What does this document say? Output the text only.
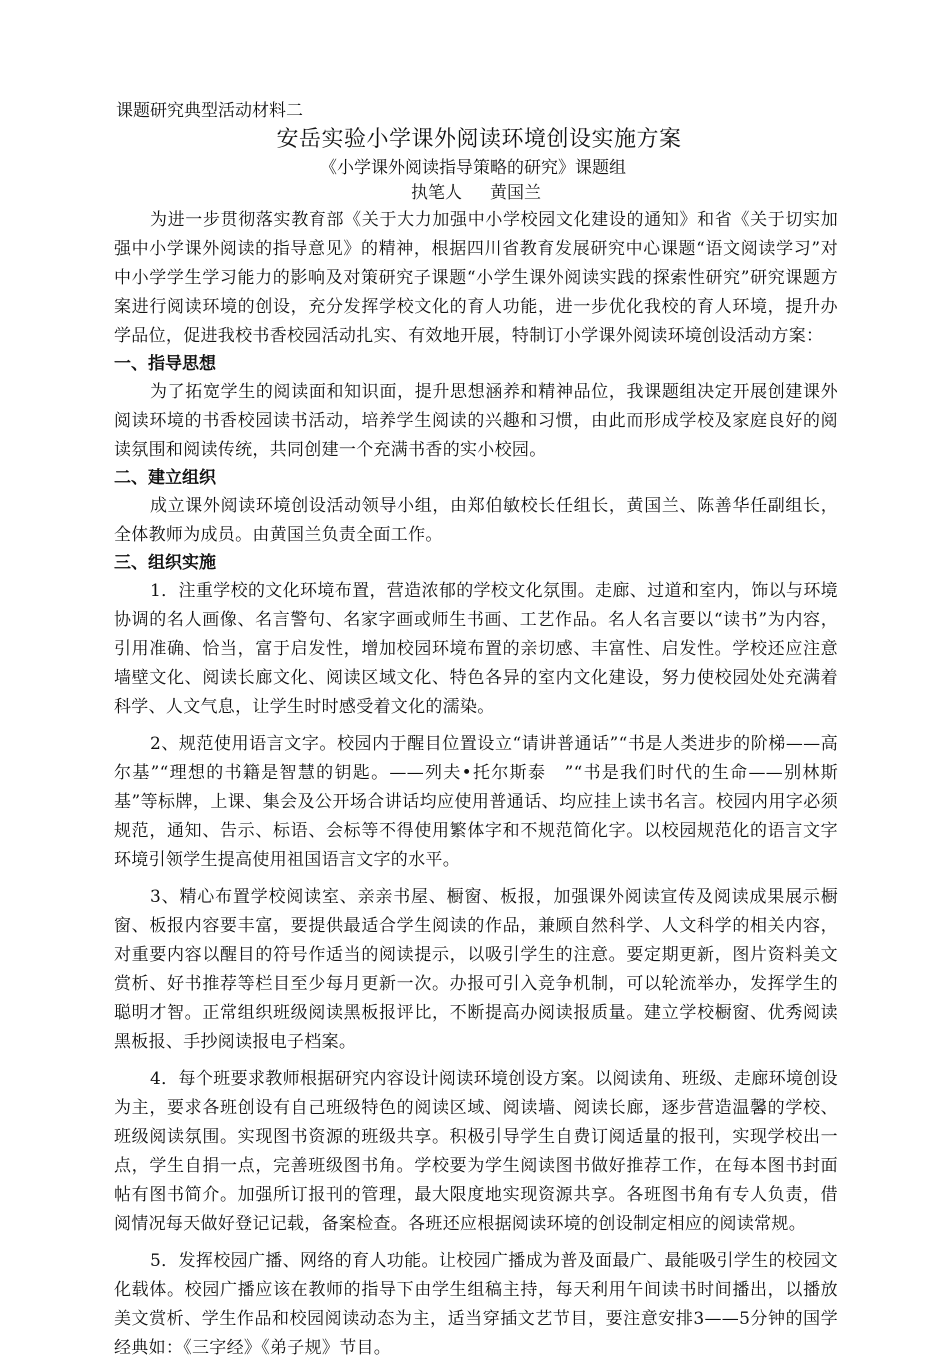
课题研究典型活动材料二
安岳实验小学课外阅读环境创设实施方案
《小学课外阅读指导策略的研究》课题组
执笔人 黄国兰

为进一步贯彻落实教育部《关于大力加强中小学校园文化建设的通知》和省《关于切实加强中小学课外阅读的指导意见》的精神，根据四川省教育发展研究中心课题“语文阅读学习”对中小学学生学习能力的影响及对策研究子课题“小学生课外阅读实践的探索性研究”研究课题方案进行阅读环境的创设，充分发挥学校文化的育人功能，进一步优化我校的育人环境，提升办学品位，促进我校书香校园活动扎实、有效地开展，特制订小学课外阅读环境创设活动方案：

一、指导思想

为了拓宽学生的阅读面和知识面，提升思想涵养和精神品位，我课题组决定开展创建课外阅读环境的书香校园读书活动，培养学生阅读的兴趣和习惯，由此而形成学校及家庭良好的阅读氛围和阅读传统，共同创建一个充满书香的实小校园。

二、建立组织

成立课外阅读环境创设活动领导小组，由郑伯敏校长任组长，黄国兰、陈善华任副组长，全体教师为成员。由黄国兰负责全面工作。

三、组织实施

1．注重学校的文化环境布置，营造浓郁的学校文化氛围。走廊、过道和室内，饰以与环境协调的名人画像、名言警句、名家字画或师生书画、工艺作品。名人名言要以“读书”为内容，引用准确、恰当，富于启发性，增加校园环境布置的亲切感、丰富性、启发性。学校还应注意墙壁文化、阅读长廊文化、阅读区域文化、特色各异的室内文化建设，努力使校园处处充满着科学、人文气息，让学生时时感受着文化的濡染。

2、规范使用语言文字。校园内于醒目位置设立“请讲普通话”“书是人类进步的阶梯——高尔基”“理想的书籍是智慧的钥匙。——列夫•托尔斯泰　”“书是我们时代的生命——别林斯基”等标牌，上课、集会及公开场合讲话均应使用普通话、均应挂上读书名言。校园内用字必须规范，通知、告示、标语、会标等不得使用繁体字和不规范简化字。以校园规范化的语言文字环境引领学生提高使用祖国语言文字的水平。

3、精心布置学校阅读室、亲亲书屋、橱窗、板报，加强课外阅读宣传及阅读成果展示橱窗、板报内容要丰富，要提供最适合学生阅读的作品，兼顾自然科学、人文科学的相关内容，对重要内容以醒目的符号作适当的阅读提示，以吸引学生的注意。要定期更新，图片资料美文赏析、好书推荐等栏目至少每月更新一次。办报可引入竞争机制，可以轮流举办，发挥学生的聪明才智。正常组织班级阅读黑板报评比，不断提高办阅读报质量。建立学校橱窗、优秀阅读黑板报、手抄阅读报电子档案。

4．每个班要求教师根据研究内容设计阅读环境创设方案。以阅读角、班级、走廊环境创设为主，要求各班创设有自己班级特色的阅读区域、阅读墙、阅读长廊，逐步营造温馨的学校、班级阅读氛围。实现图书资源的班级共享。积极引导学生自费订阅适量的报刊，实现学校出一点，学生自捐一点，完善班级图书角。学校要为学生阅读图书做好推荐工作，在每本图书封面帖有图书简介。加强所订报刊的管理，最大限度地实现资源共享。各班图书角有专人负责，借阅情况每天做好登记记载，备案检查。各班还应根据阅读环境的创设制定相应的阅读常规。

5．发挥校园广播、网络的育人功能。让校园广播成为普及面最广、最能吸引学生的校园文化载体。校园广播应该在教师的指导下由学生组稿主持，每天利用午间读书时间播出，以播放美文赏析、学生作品和校园阅读动态为主，适当穿插文艺节目，要注意安排3——5分钟的国学经典如：《三字经》《弟子规》节目。
